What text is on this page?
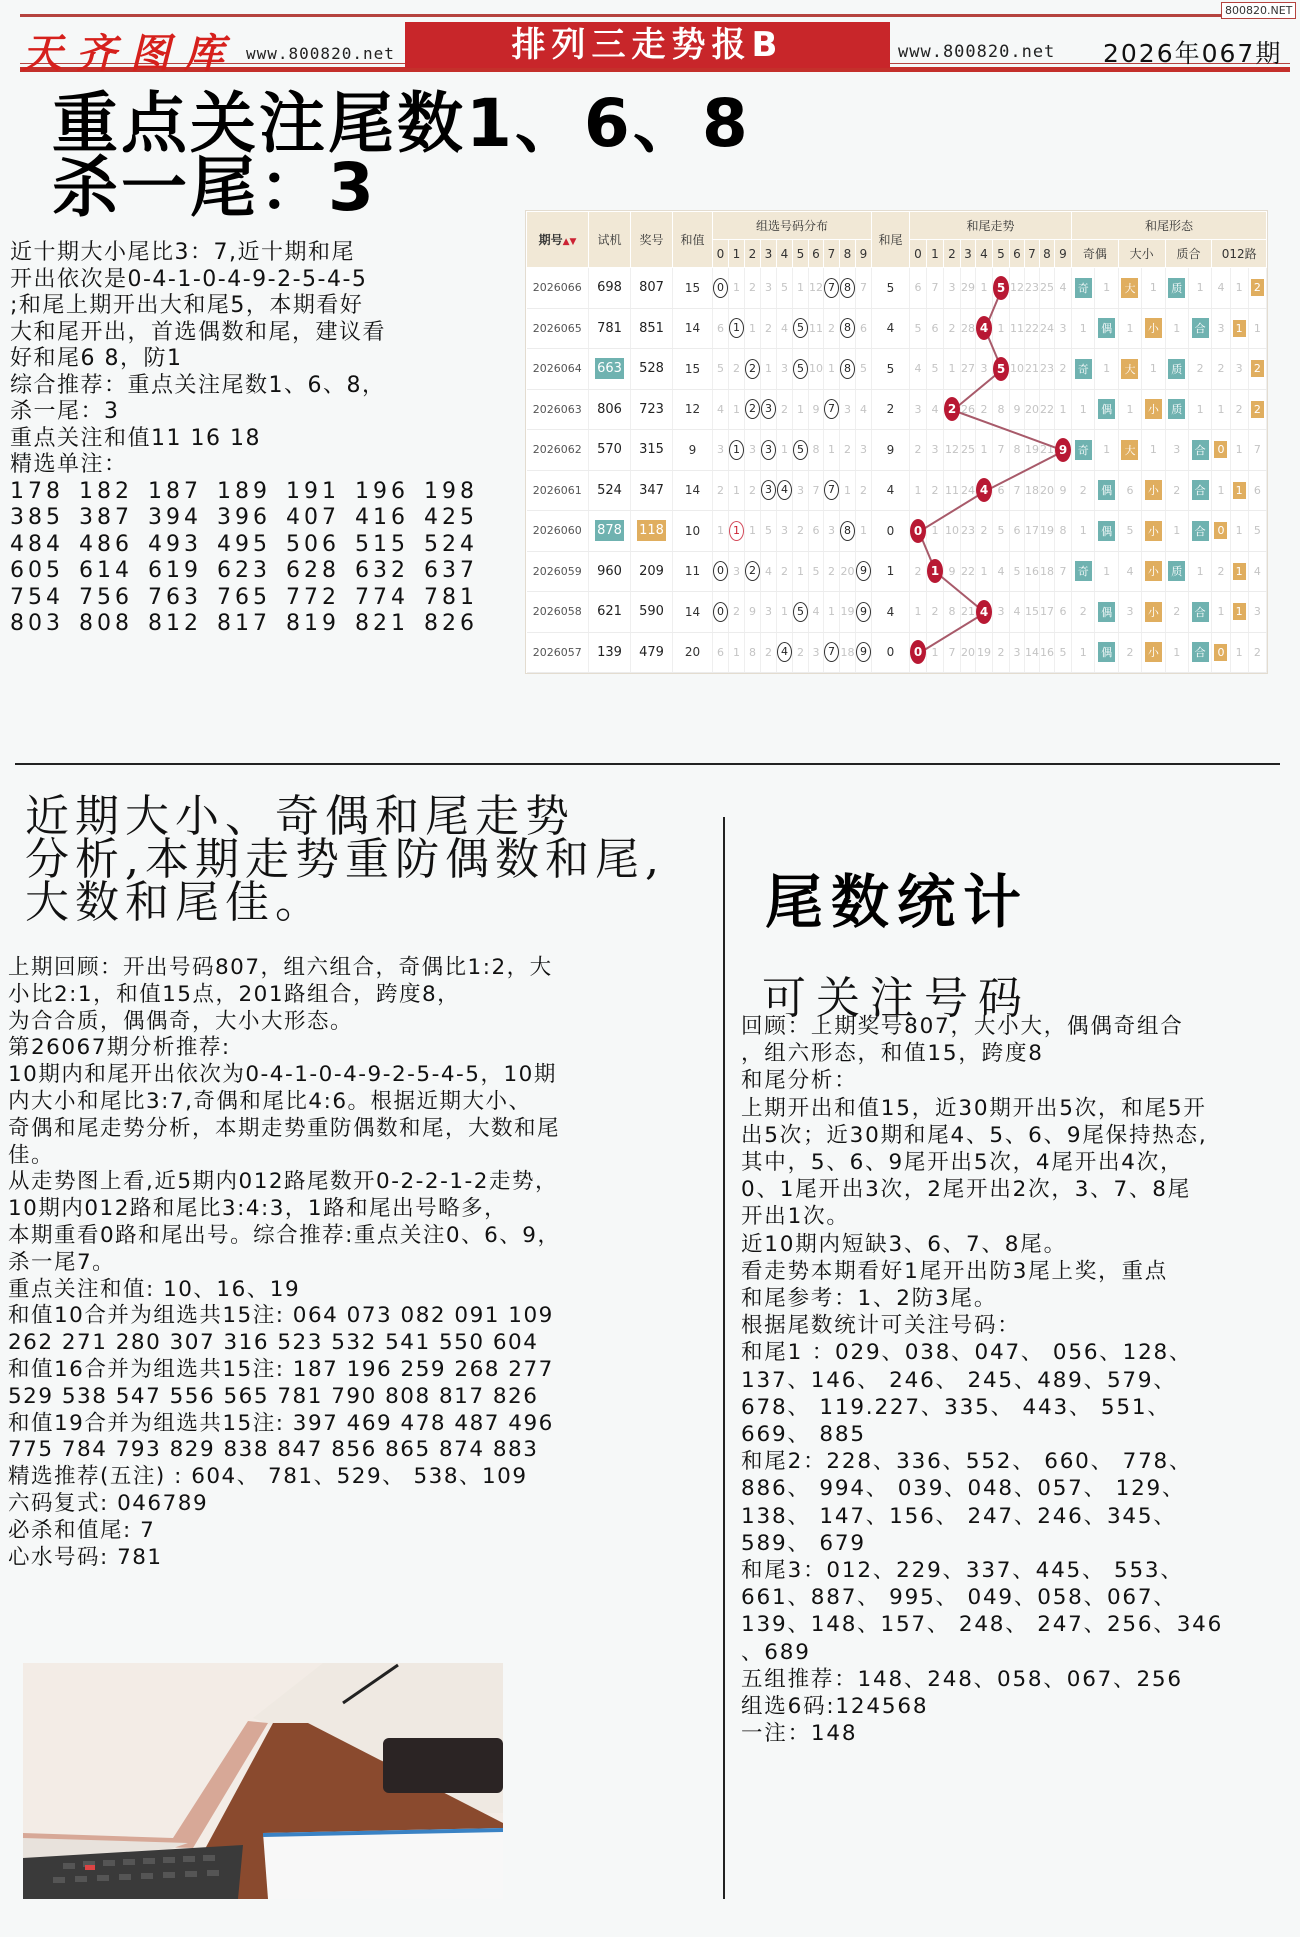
天齐图库 www.800820.net	排列三走势报B	www.800820.net 2026年067期
800820.NET
重点关注尾数1、6、8
杀一尾：3
近十期大小尾比3：7,近十期和尾
开出依次是0-4-1-0-4-9-2-5-4-5
;和尾上期开出大和尾5，本期看好
大和尾开出，首选偶数和尾，建议看
好和尾6 8，防1
综合推荐：重点关注尾数1、6、8，
杀一尾：3
重点关注和值11 16 18
精选单注：
178 182 187 189 191 196 198
385 387 394 396 407 416 425
484 486 493 495 506 515 524
605 614 619 623 628 632 637
754 756 763 765 772 774 781
803 808 812 817 819 821 826
期号▲▼	试机	奖号	和值	组选号码分布										和尾	和尾走势										和尾形态								
				0	1	2	3	4	5	6	7	8	9		0	1	2	3	4	5	6	7	8	9	奇偶		大小		质合		012路		
2026066	698	807	15	0	1	2	3	5	1	12	7	8	7	5	6	7	3	29	1	5	12	23	25	4	奇	1	大	1	质	1	4	1	2
2026065	781	851	14	6	1	1	2	4	5	11	2	8	6	4	5	6	2	28	4	1	11	22	24	3	1	偶	1	小	1	合	3	1	1
2026064	663	528	15	5	2	2	1	3	5	10	1	8	5	5	4	5	1	27	3	5	10	21	23	2	奇	1	大	1	质	2	2	3	2
2026063	806	723	12	4	1	2	3	2	1	9	7	3	4	2	3	4	2	26	2	8	9	20	22	1	1	偶	1	小	质	1	1	2	2
2026062	570	315	9	3	1	3	3	1	5	8	1	2	3	9	2	3	12	25	1	7	8	19	21	9	奇	1	大	1	3	合	0	1	7
2026061	524	347	14	2	1	2	3	4	3	7	7	1	2	4	1	2	11	24	4	6	7	18	20	9	2	偶	6	小	2	合	1	1	6
2026060	878	118	10	1	1	1	5	3	2	6	3	8	1	0	0	1	10	23	2	5	6	17	19	8	1	偶	5	小	1	合	0	1	5
2026059	960	209	11	0	3	2	4	2	1	5	2	20	9	1	2	1	9	22	1	4	5	16	18	7	奇	1	4	小	质	1	2	1	4
2026058	621	590	14	0	2	9	3	1	5	4	1	19	9	4	1	2	8	21	4	3	4	15	17	6	2	偶	3	小	2	合	1	1	3
2026057	139	479	20	6	1	8	2	4	2	3	7	18	9	0	0	1	7	20	19	2	3	14	16	5	1	偶	2	小	1	合	0	1	2
近期大小、奇偶和尾走势
分析,本期走势重防偶数和尾,
大数和尾佳。
上期回顾：开出号码807，组六组合，奇偶比1:2，大
小比2:1，和值15点，201路组合，跨度8，
为合合质，偶偶奇，大小大形态。
第26067期分析推荐:
10期内和尾开出依次为0-4-1-0-4-9-2-5-4-5，10期
内大小和尾比3:7,奇偶和尾比4:6。根据近期大小、
奇偶和尾走势分析，本期走势重防偶数和尾，大数和尾
佳。
从走势图上看,近5期内012路尾数开0-2-2-1-2走势，
10期内012路和尾比3:4:3，1路和尾出号略多，
本期重看0路和尾出号。综合推荐:重点关注0、6、9，
杀一尾7。
重点关注和值: 10、16、19
和值10合并为组选共15注: 064 073 082 091 109
262 271 280 307 316 523 532 541 550 604
和值16合并为组选共15注: 187 196 259 268 277
529 538 547 556 565 781 790 808 817 826
和值19合并为组选共15注: 397 469 478 487 496
775 784 793 829 838 847 856 865 874 883
精选推荐(五注) : 604、 781、529、 538、109
六码复式: 046789
必杀和值尾: 7
心水号码: 781
尾数统计
可关注号码
回顾：上期奖号807，大小大，偶偶奇组合
，组六形态，和值15，跨度8
和尾分析：
上期开出和值15，近30期开出5次，和尾5开
出5次；近30期和尾4、5、6、9尾保持热态,
其中，5、6、9尾开出5次，4尾开出4次，
0、1尾开出3次，2尾开出2次，3、7、8尾
开出1次。
近10期内短缺3、6、7、8尾。
看走势本期看好1尾开出防3尾上奖，重点
和尾参考：1、2防3尾。
根据尾数统计可关注号码：
和尾1 ：029、038、047、 056、128、
137、146、 246、 245、489、579、
678、 119.227、335、 443、 551、
669、 885
和尾2：228、336、552、 660、 778、
886、 994、 039、048、057、 129、
138、 147、156、 247、246、345、
589、 679
和尾3：012、229、337、445、 553、
661、887、 995、 049、058、067、
139、148、157、 248、 247、256、346
、689
五组推荐：148、248、058、067、256
组选6码:124568
一注：148
